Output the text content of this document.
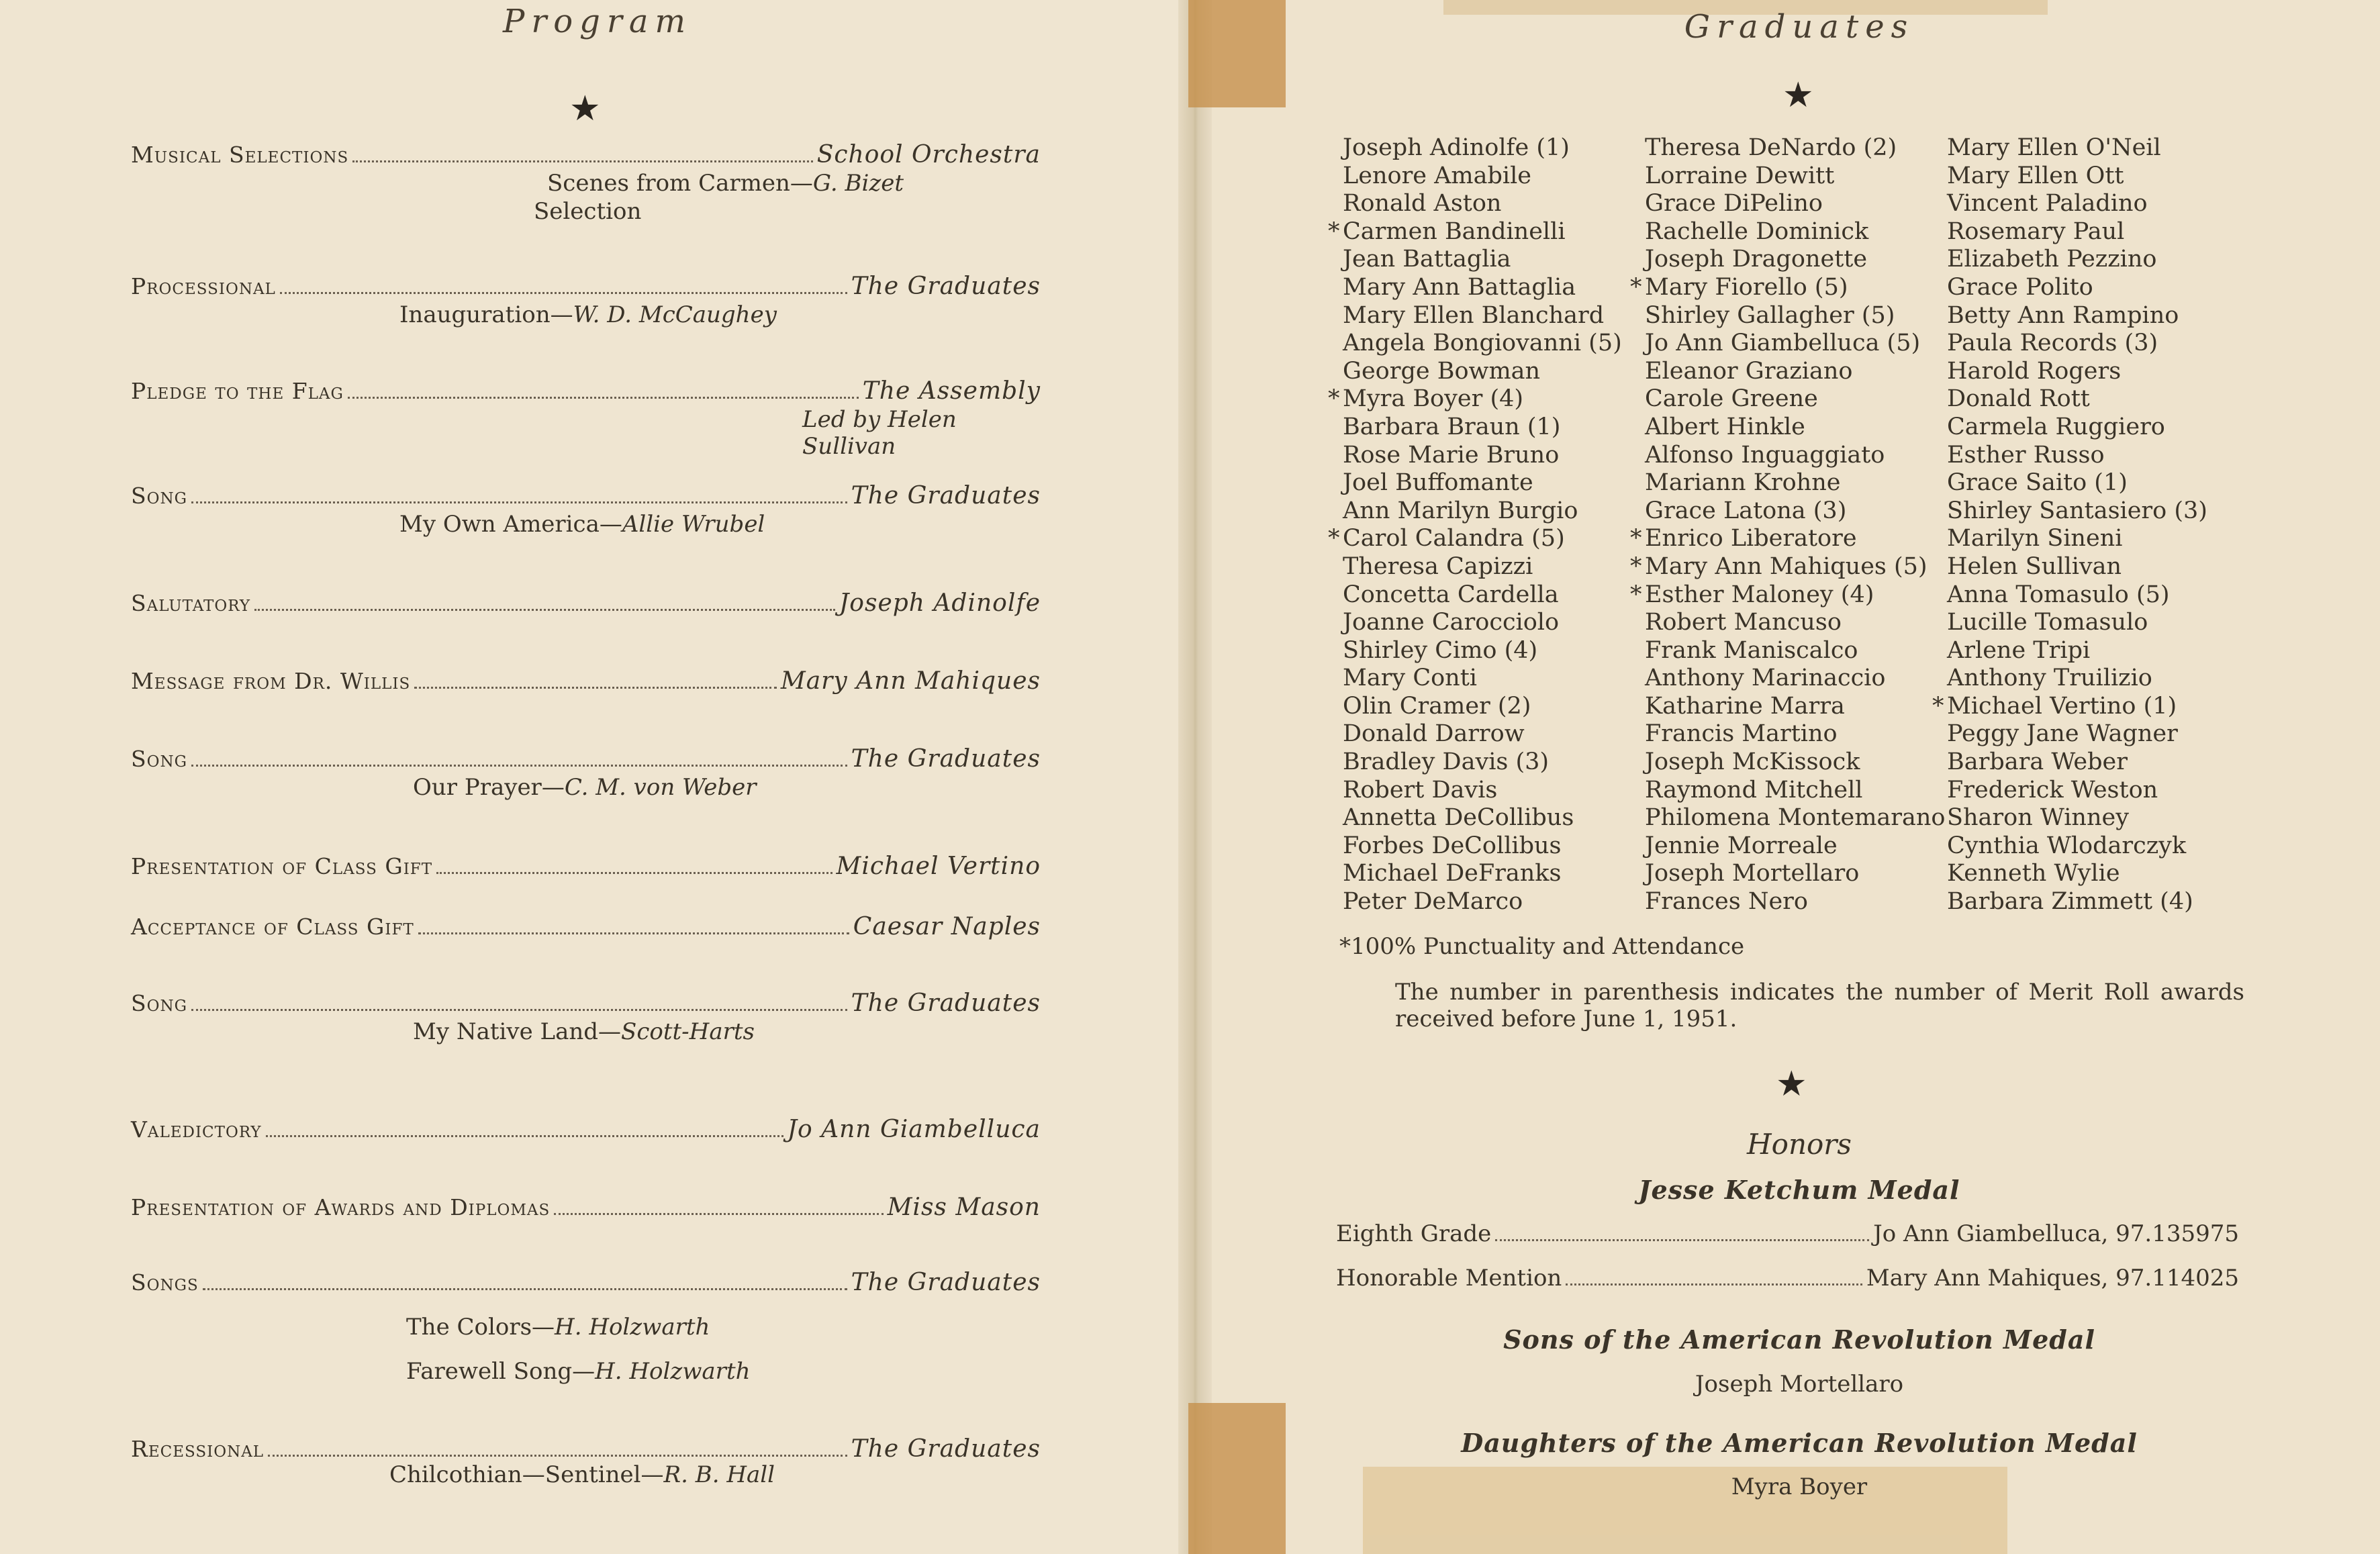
Program
★
Musical Selections	School Orchestra
Scenes from Carmen—G. Bizet
Selection
Processional	The Graduates
Inauguration—W. D. McCaughey
Pledge to the Flag	The Assembly
Led by Helen Sullivan
Song	The Graduates
My Own America—Allie Wrubel
Salutatory	Joseph Adinolfe
Message from Dr. Willis	Mary Ann Mahiques
Song	The Graduates
Our Prayer—C. M. von Weber
Presentation of Class Gift	Michael Vertino
Acceptance of Class Gift	Caesar Naples
Song	The Graduates
My Native Land—Scott-Harts
Valedictory	Jo Ann Giambelluca
Presentation of Awards and Diplomas	Miss Mason
Songs	The Graduates
The Colors—H. Holzwarth
Farewell Song—H. Holzwarth
Recessional	The Graduates
Chilcothian—Sentinel—R. B. Hall
Graduates
★
Joseph Adinolfe (1)
Lenore Amabile
Ronald Aston
* Carmen Bandinelli
Jean Battaglia
Mary Ann Battaglia
Mary Ellen Blanchard
Angela Bongiovanni (5)
George Bowman
* Myra Boyer (4)
Barbara Braun (1)
Rose Marie Bruno
Joel Buffomante
Ann Marilyn Burgio
* Carol Calandra (5)
Theresa Capizzi
Concetta Cardella
Joanne Carocciolo
Shirley Cimo (4)
Mary Conti
Olin Cramer (2)
Donald Darrow
Bradley Davis (3)
Robert Davis
Annetta DeCollibus
Forbes DeCollibus
Michael DeFranks
Peter DeMarco
Theresa DeNardo (2)
Lorraine Dewitt
Grace DiPelino
Rachelle Dominick
Joseph Dragonette
* Mary Fiorello (5)
Shirley Gallagher (5)
Jo Ann Giambelluca (5)
Eleanor Graziano
Carole Greene
Albert Hinkle
Alfonso Inguaggiato
Mariann Krohne
Grace Latona (3)
* Enrico Liberatore
* Mary Ann Mahiques (5)
* Esther Maloney (4)
Robert Mancuso
Frank Maniscalco
Anthony Marinaccio
Katharine Marra
Francis Martino
Joseph McKissock
Raymond Mitchell
Philomena Montemarano
Jennie Morreale
Joseph Mortellaro
Frances Nero
Mary Ellen O'Neil
Mary Ellen Ott
Vincent Paladino
Rosemary Paul
Elizabeth Pezzino
Grace Polito
Betty Ann Rampino
Paula Records (3)
Harold Rogers
Donald Rott
Carmela Ruggiero
Esther Russo
Grace Saito (1)
Shirley Santasiero (3)
Marilyn Sineni
Helen Sullivan
Anna Tomasulo (5)
Lucille Tomasulo
Arlene Tripi
Anthony Truilizio
* Michael Vertino (1)
Peggy Jane Wagner
Barbara Weber
Frederick Weston
Sharon Winney
Cynthia Wlodarczyk
Kenneth Wylie
Barbara Zimmett (4)
*100% Punctuality and Attendance
The number in parenthesis indicates the number of Merit Roll awards received before June 1, 1951.
★
Honors
Jesse Ketchum Medal
Eighth Grade	Jo Ann Giambelluca, 97.135975
Honorable Mention	Mary Ann Mahiques, 97.114025
Sons of the American Revolution Medal
Joseph Mortellaro
Daughters of the American Revolution Medal
Myra Boyer
